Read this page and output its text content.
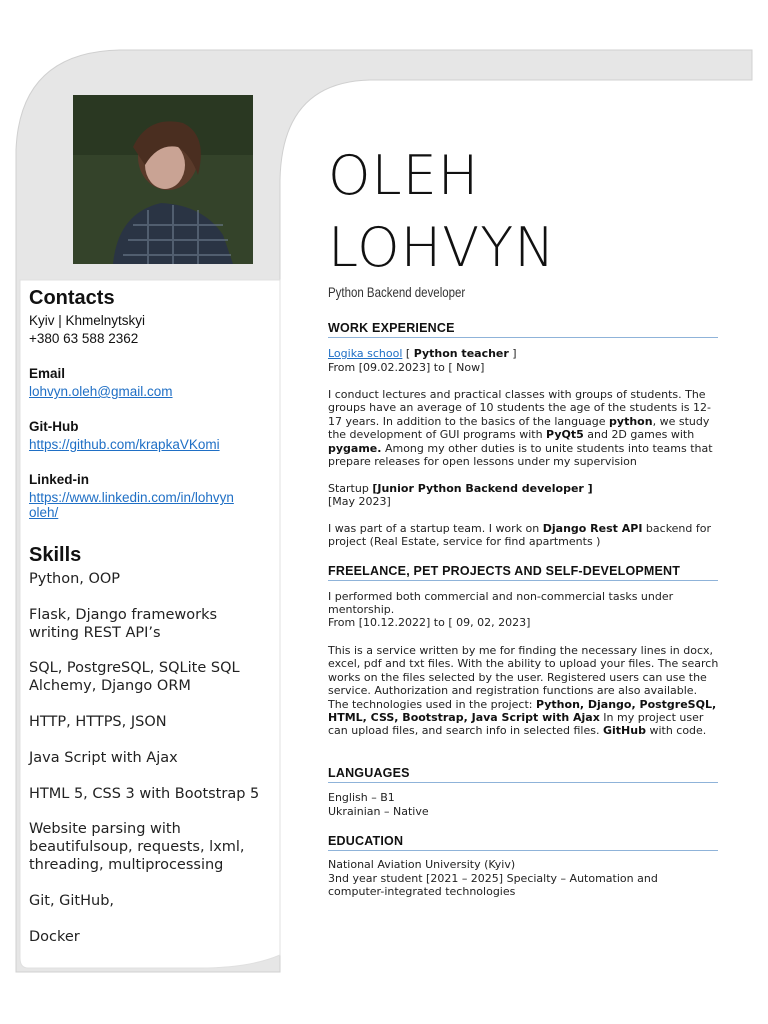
Contacts
Kyiv | Khmelnytskyi
+380 63 588 2362
Email
lohvyn.oleh@gmail.com
Git-Hub
https://github.com/krapkaVKomi
Linked-in
https://www.linkedin.com/in/lohvyn
oleh/
Skills
Python, OOP
Flask, Django frameworks writing REST API’s
SQL, PostgreSQL, SQLite SQL Alchemy, Django ORM
HTTP, HTTPS, JSON
Java Script with Ajax
HTML 5, CSS 3 with Bootstrap 5
Website parsing with beautifulsoup, requests, lxml, threading, multiprocessing
Git, GitHub,
Docker
OLEH
LOHVYN
Python Backend developer
WORK EXPERIENCE
Logika school [ Python teacher ]
From [09.02.2023] to [ Now]
I conduct lectures and practical classes with groups of students. The groups have an average of 10 students the age of the students is 12-17 years. In addition to the basics of the language python, we study the development of GUI programs with PyQt5 and 2D games with pygame. Among my other duties is to unite students into teams that prepare releases for open lessons under my supervision
Startup [Junior Python Backend developer ]
[May 2023]
I was part of a startup team. I work on Django Rest API backend for project (Real Estate, service for find apartments )
FREELANCE, PET PROJECTS AND SELF-DEVELOPMENT
I performed both commercial and non-commercial tasks under mentorship.
From [10.12.2022] to [ 09, 02, 2023]
This is a service written by me for finding the necessary lines in docx, excel, pdf and txt files. With the ability to upload your files. The search works on the files selected by the user. Registered users can use the service. Authorization and registration functions are also available. The technologies used in the project: Python, Django, PostgreSQL, HTML, CSS, Bootstrap, Java Script with Ajax In my project user can upload files, and search info in selected files. GitHub with code.
LANGUAGES
English – B1
Ukrainian – Native
EDUCATION
National Aviation University (Kyiv)
3nd year student [2021 – 2025] Specialty – Automation and computer-integrated technologies
